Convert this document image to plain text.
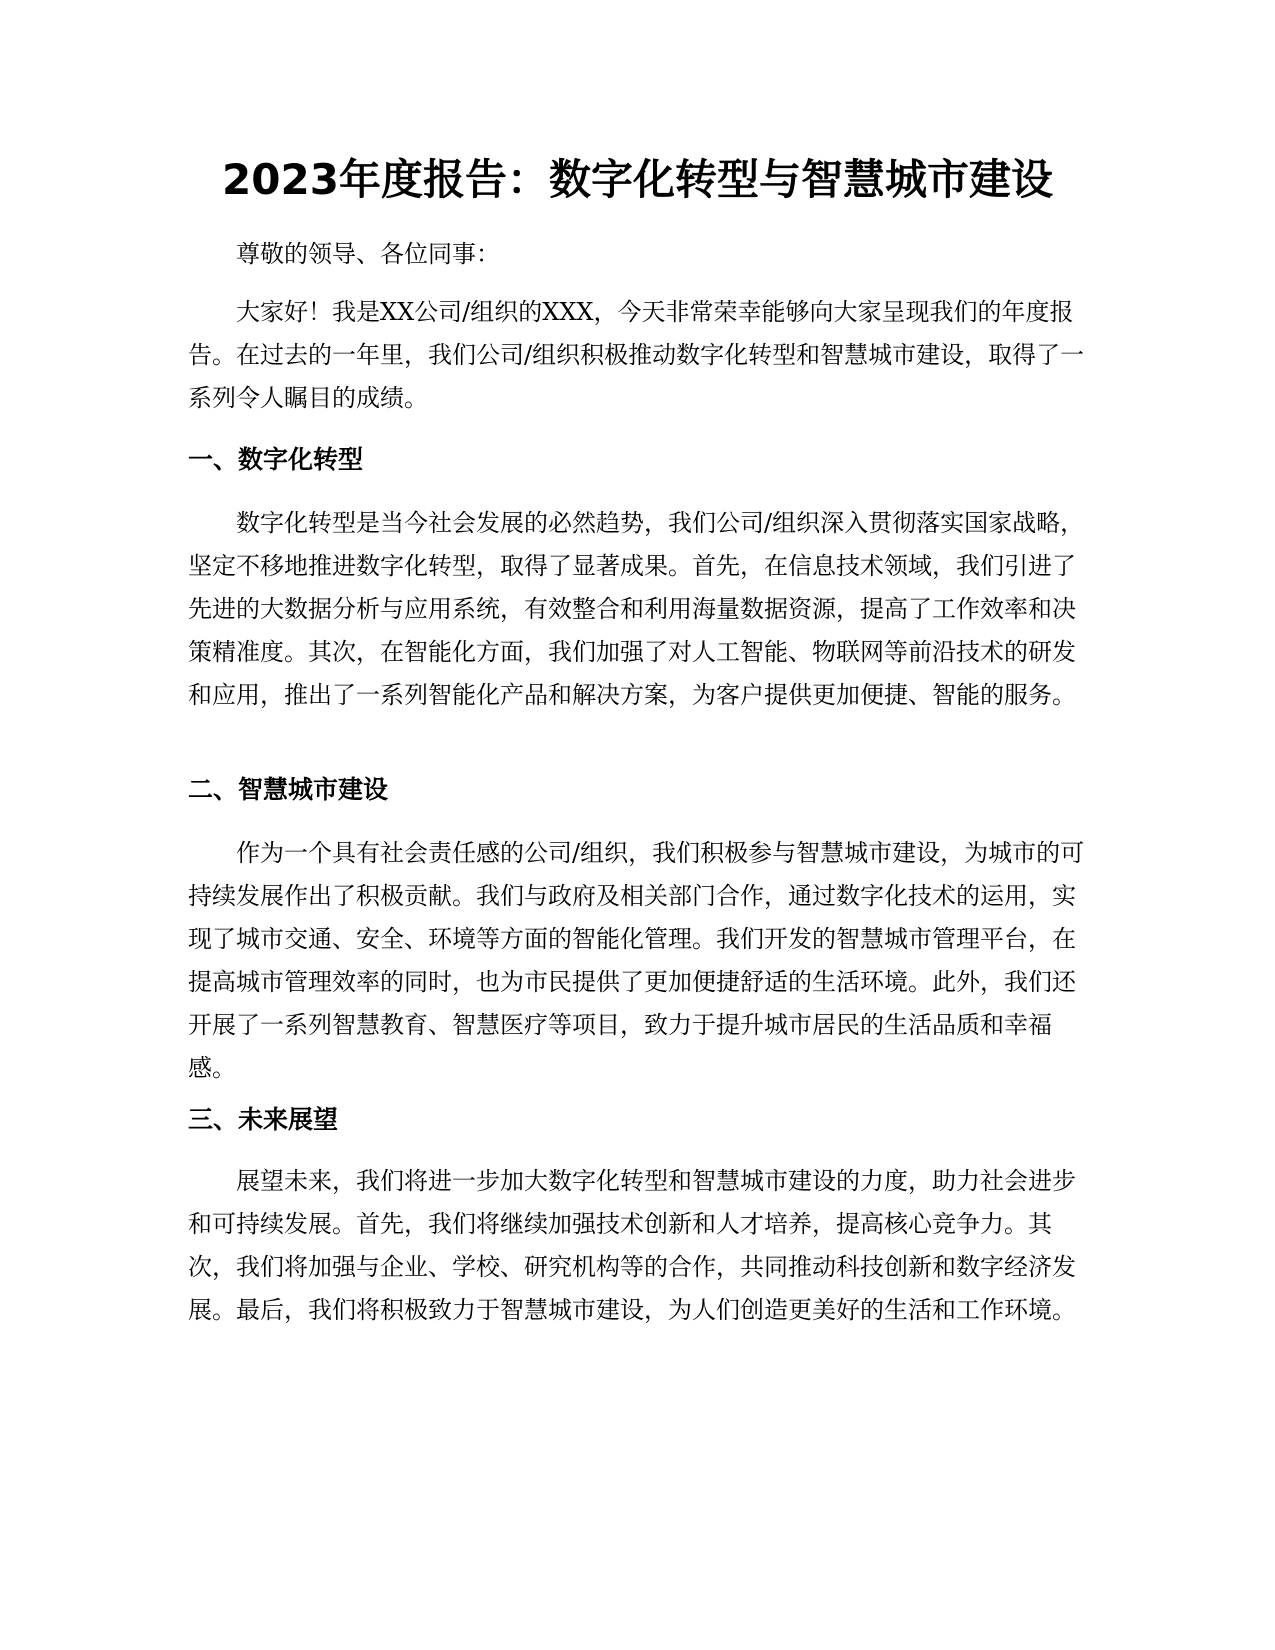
2023年度报告：数字化转型与智慧城市建设

尊敬的领导、各位同事：

大家好！我是XX公司/组织的XXX，今天非常荣幸能够向大家呈现我们的年度报告。在过去的一年里，我们公司/组织积极推动数字化转型和智慧城市建设，取得了一系列令人瞩目的成绩。

一、数字化转型

数字化转型是当今社会发展的必然趋势，我们公司/组织深入贯彻落实国家战略，坚定不移地推进数字化转型，取得了显著成果。首先，在信息技术领域，我们引进了先进的大数据分析与应用系统，有效整合和利用海量数据资源，提高了工作效率和决策精准度。其次，在智能化方面，我们加强了对人工智能、物联网等前沿技术的研发和应用，推出了一系列智能化产品和解决方案，为客户提供更加便捷、智能的服务。

二、智慧城市建设

作为一个具有社会责任感的公司/组织，我们积极参与智慧城市建设，为城市的可持续发展作出了积极贡献。我们与政府及相关部门合作，通过数字化技术的运用，实现了城市交通、安全、环境等方面的智能化管理。我们开发的智慧城市管理平台，在提高城市管理效率的同时，也为市民提供了更加便捷舒适的生活环境。此外，我们还开展了一系列智慧教育、智慧医疗等项目，致力于提升城市居民的生活品质和幸福感。

三、未来展望

展望未来，我们将进一步加大数字化转型和智慧城市建设的力度，助力社会进步和可持续发展。首先，我们将继续加强技术创新和人才培养，提高核心竞争力。其次，我们将加强与企业、学校、研究机构等的合作，共同推动科技创新和数字经济发展。最后，我们将积极致力于智慧城市建设，为人们创造更美好的生活和工作环境。
